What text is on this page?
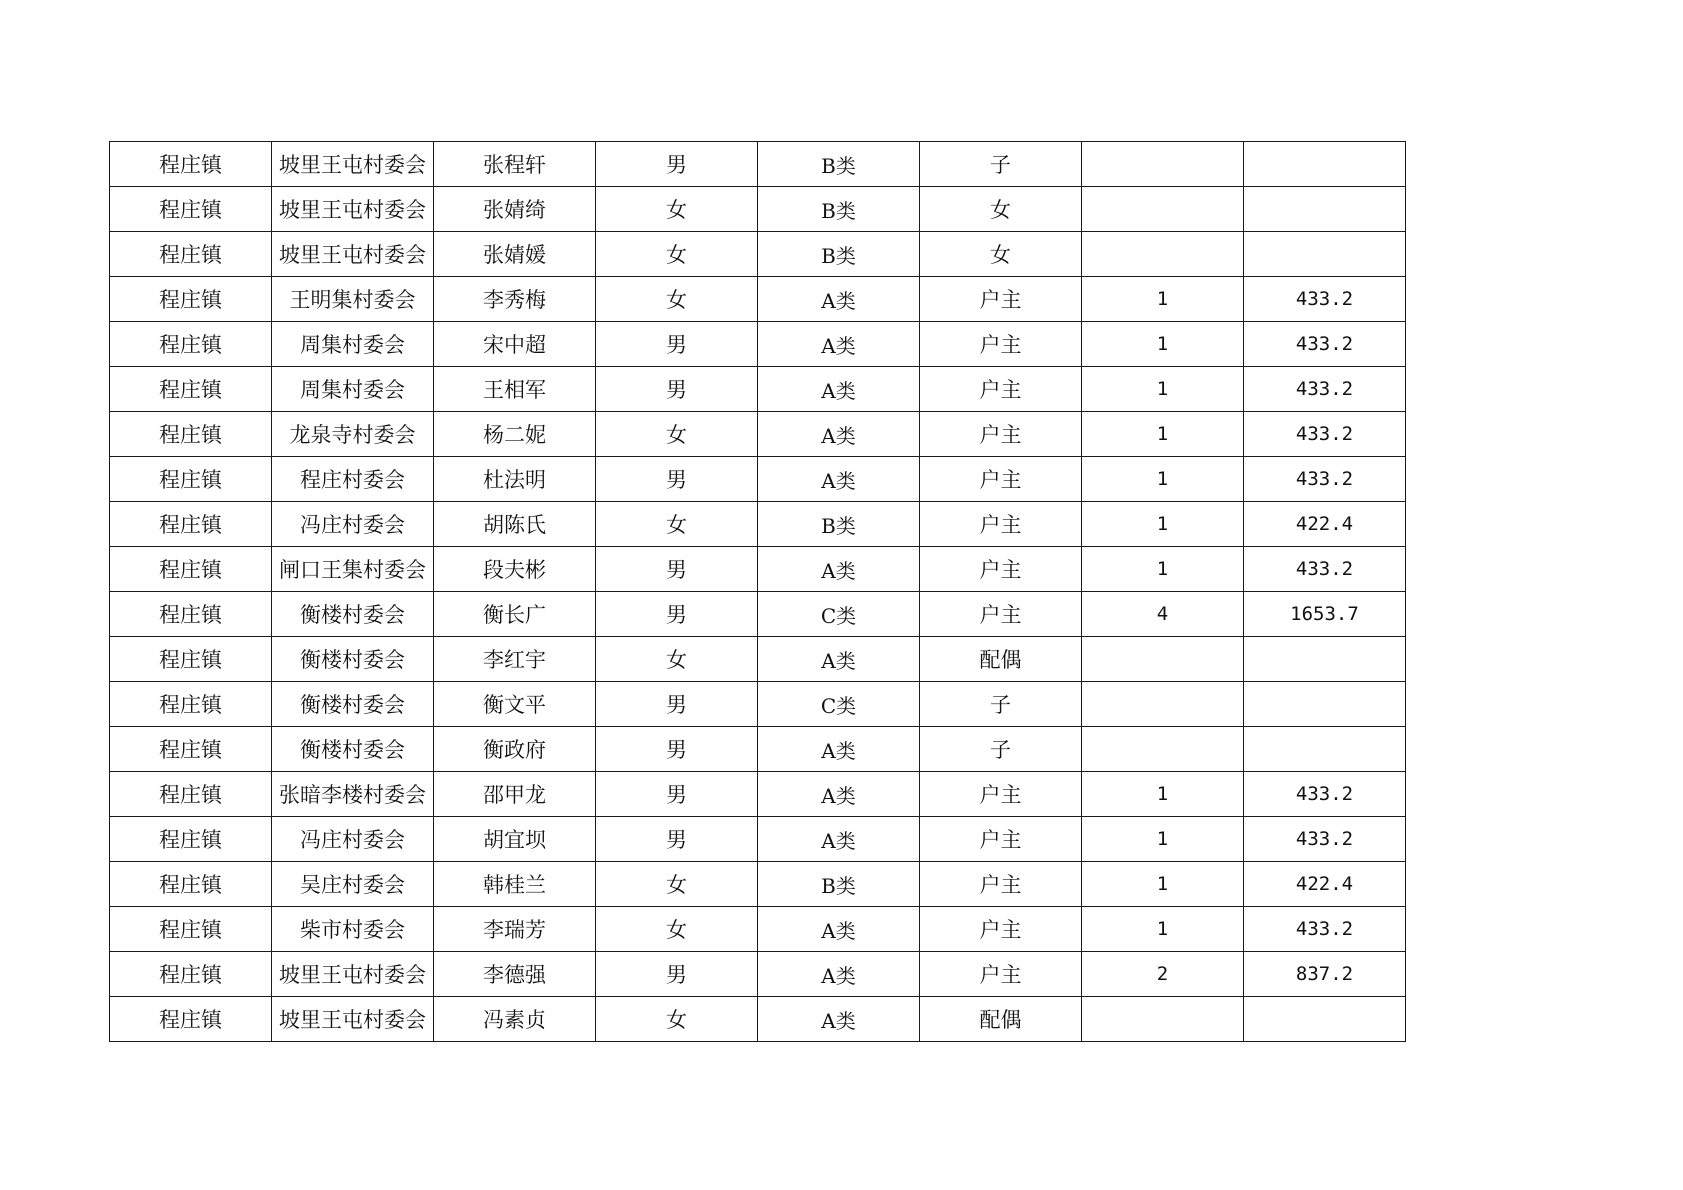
程庄镇	坡里王屯村委会	张程轩	男	B类	子		
程庄镇	坡里王屯村委会	张婧绮	女	B类	女		
程庄镇	坡里王屯村委会	张婧媛	女	B类	女		
程庄镇	王明集村委会	李秀梅	女	A类	户主	1	433.2
程庄镇	周集村委会	宋中超	男	A类	户主	1	433.2
程庄镇	周集村委会	王相军	男	A类	户主	1	433.2
程庄镇	龙泉寺村委会	杨二妮	女	A类	户主	1	433.2
程庄镇	程庄村委会	杜法明	男	A类	户主	1	433.2
程庄镇	冯庄村委会	胡陈氏	女	B类	户主	1	422.4
程庄镇	闸口王集村委会	段夫彬	男	A类	户主	1	433.2
程庄镇	衡楼村委会	衡长广	男	C类	户主	4	1653.7
程庄镇	衡楼村委会	李红宇	女	A类	配偶		
程庄镇	衡楼村委会	衡文平	男	C类	子		
程庄镇	衡楼村委会	衡政府	男	A类	子		
程庄镇	张暗李楼村委会	邵甲龙	男	A类	户主	1	433.2
程庄镇	冯庄村委会	胡宜坝	男	A类	户主	1	433.2
程庄镇	吴庄村委会	韩桂兰	女	B类	户主	1	422.4
程庄镇	柴市村委会	李瑞芳	女	A类	户主	1	433.2
程庄镇	坡里王屯村委会	李德强	男	A类	户主	2	837.2
程庄镇	坡里王屯村委会	冯素贞	女	A类	配偶		
